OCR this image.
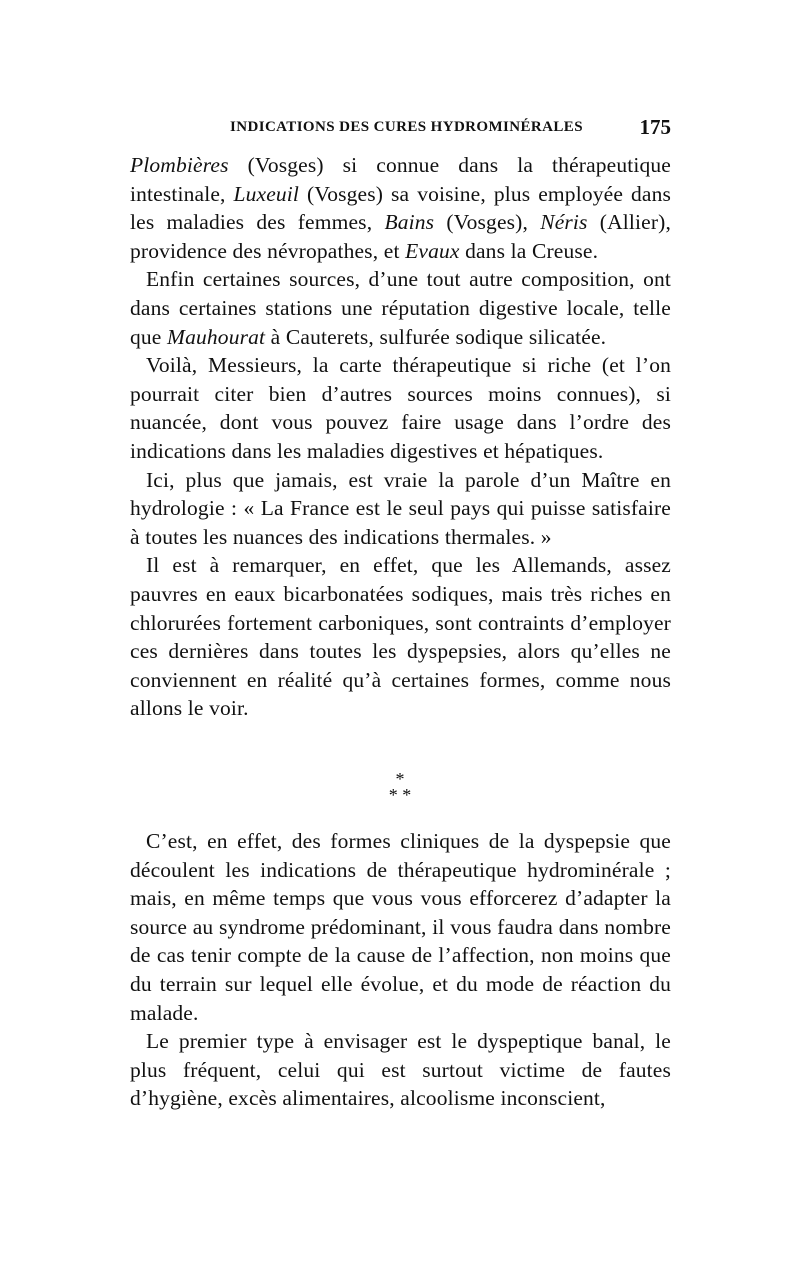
INDICATIONS DES CURES HYDROMINÉRALES	175

Plombières (Vosges) si connue dans la thérapeutique intestinale, Luxeuil (Vosges) sa voisine, plus employée dans les maladies des femmes, Bains (Vosges), Néris (Allier), providence des névropathes, et Evaux dans la Creuse.

Enfin certaines sources, d’une tout autre composition, ont dans certaines stations une réputation digestive locale, telle que Mauhourat à Cauterets, sulfurée sodique silicatée.

Voilà, Messieurs, la carte thérapeutique si riche (et l’on pourrait citer bien d’autres sources moins connues), si nuancée, dont vous pouvez faire usage dans l’ordre des indications dans les maladies digestives et hépatiques.

Ici, plus que jamais, est vraie la parole d’un Maître en hydrologie : « La France est le seul pays qui puisse satisfaire à toutes les nuances des indications thermales. »

Il est à remarquer, en effet, que les Allemands, assez pauvres en eaux bicarbonatées sodiques, mais très riches en chlorurées fortement carboniques, sont contraints d’employer ces dernières dans toutes les dyspepsies, alors qu’elles ne conviennent en réalité qu’à certaines formes, comme nous allons le voir.

*
* *

C’est, en effet, des formes cliniques de la dyspepsie que découlent les indications de thérapeutique hydrominérale ; mais, en même temps que vous vous efforcerez d’adapter la source au syndrome prédominant, il vous faudra dans nombre de cas tenir compte de la cause de l’affection, non moins que du terrain sur lequel elle évolue, et du mode de réaction du malade.

Le premier type à envisager est le dyspeptique banal, le plus fréquent, celui qui est surtout victime de fautes d’hygiène, excès alimentaires, alcoolisme inconscient,
